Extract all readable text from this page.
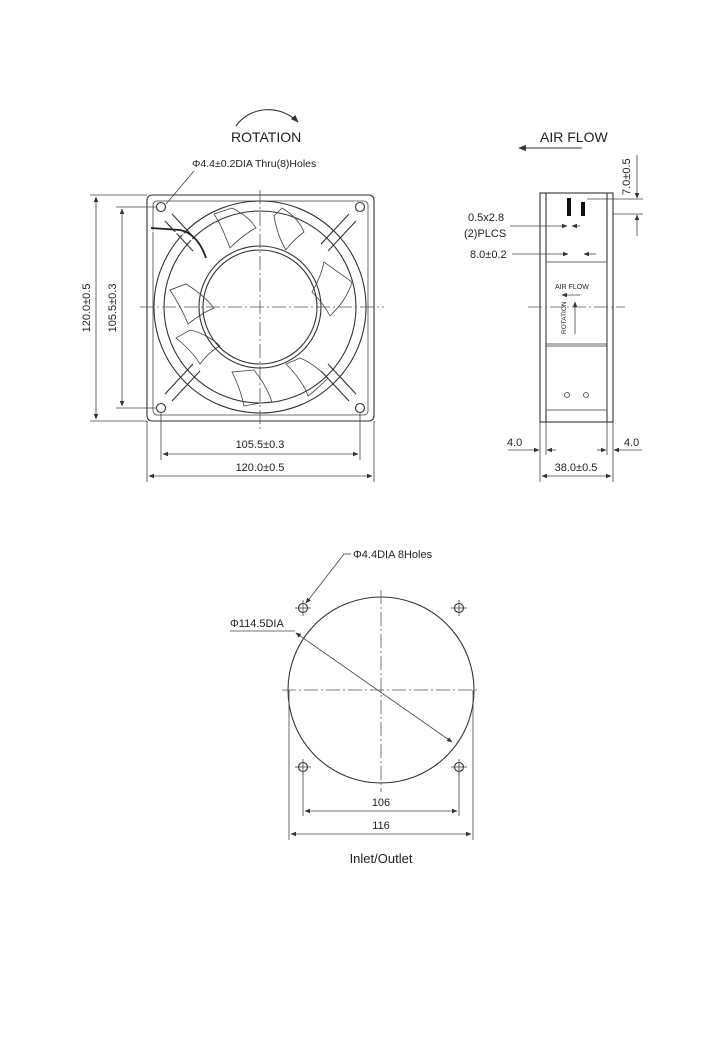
ROTATION
Φ4.4±0.2DIA Thru(8)Holes
120.0±0.5 105.5±0.3
105.5±0.3
120.0±0.5
AIR FLOW
AIR FLOW
ROTATION
7.0±0.5
0.5x2.8
(2)PLCS
8.0±0.2
4.0	4.0
38.0±0.5
Φ4.4DIA 8Holes
Φ114.5DIA
106
116
Inlet/Outlet
